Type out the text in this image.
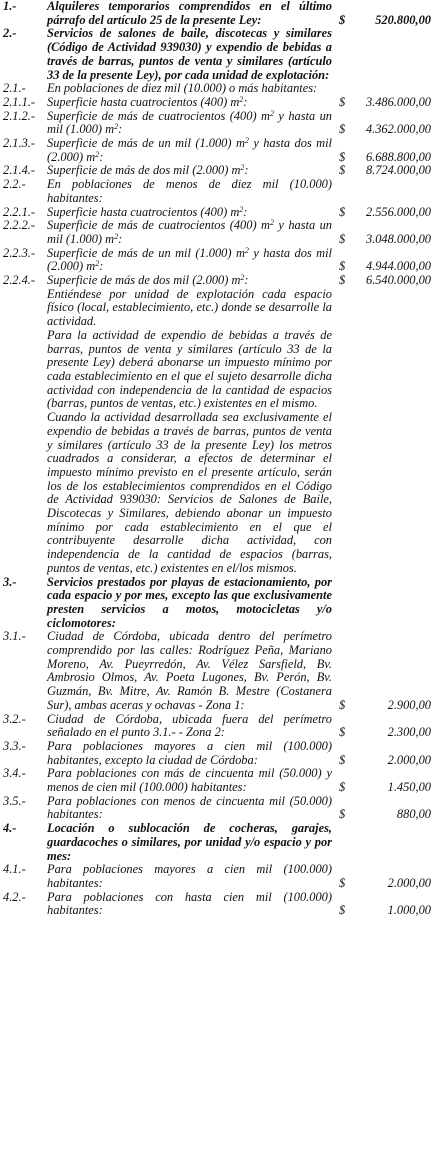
1.-	Alquileres temporarios comprendidos en el último párrafo del artículo 25 de la presente Ley:	$ 520.800,00
2.-	Servicios de salones de baile, discotecas y similares (Código de Actividad 939030) y expendio de bebidas a través de barras, puntos de venta y similares (artículo 33 de la presente Ley), por cada unidad de explotación:
2.1.-	En poblaciones de diez mil (10.000) o más habitantes:
2.1.1.- Superficie hasta cuatrocientos (400) $m^2$:	$ 3.486.000,00
2.1.2.- Superficie de más de cuatrocientos (400) $m^2$ y hasta un mil (1.000) $m^2$:	$ 4.362.000,00
2.1.3.- Superficie de más de un mil (1.000) $m^2$ y hasta dos mil (2.000) $m^2$:	$ 6.688.800,00
2.1.4.- Superficie de más de dos mil (2.000) $m^2$:	$ 8.724.000,00
2.2.-	En poblaciones de menos de diez mil (10.000) habitantes:
2.2.1.- Superficie hasta cuatrocientos (400) $m^2$:	$ 2.556.000,00
2.2.2.- Superficie de más de cuatrocientos (400) $m^2$ y hasta un mil (1.000) $m^2$:	$ 3.048.000,00
2.2.3.- Superficie de más de un mil (1.000) $m^2$ y hasta dos mil (2.000) $m^2$:	$ 4.944.000,00
2.2.4.- Superficie de más de dos mil (2.000) $m^2$:	$ 6.540.000,00
Entiéndese por unidad de explotación cada espacio físico (local, establecimiento, etc.) donde se desarrolle la actividad.
Para la actividad de expendio de bebidas a través de barras, puntos de venta y similares (artículo 33 de la presente Ley) deberá abonarse un impuesto mínimo por cada establecimiento en el que el sujeto desarrolle dicha actividad con independencia de la cantidad de espacios (barras, puntos de ventas, etc.) existentes en el mismo.
Cuando la actividad desarrollada sea exclusivamente el expendio de bebidas a través de barras, puntos de venta y similares (artículo 33 de la presente Ley) los metros cuadrados a considerar, a efectos de determinar el impuesto mínimo previsto en el presente artículo, serán los de los establecimientos comprendidos en el Código de Actividad 939030: Servicios de Salones de Baile, Discotecas y Similares, debiendo abonar un impuesto mínimo por cada establecimiento en el que el contribuyente desarrolle dicha actividad, con independencia de la cantidad de espacios (barras, puntos de ventas, etc.) existentes en el/los mismos.
3.-	Servicios prestados por playas de estacionamiento, por cada espacio y por mes, excepto las que exclusivamente presten servicios a motos, motocicletas y/o ciclomotores:
3.1.-	Ciudad de Córdoba, ubicada dentro del perímetro comprendido por las calles: Rodríguez Peña, Mariano Moreno, Av. Pueyrredón, Av. Vélez Sarsfield, Bv. Ambrosio Olmos, Av. Poeta Lugones, Bv. Perón, Bv. Guzmán, Bv. Mitre, Av. Ramón B. Mestre (Costanera Sur), ambas aceras y ochavas - Zona 1:	$	2.900,00
3.2.-	Ciudad de Córdoba, ubicada fuera del perímetro señalado en el punto 3.1.- - Zona 2:	$	2.300,00
3.3.-	Para poblaciones mayores a cien mil (100.000) habitantes, excepto la ciudad de Córdoba:	$	2.000,00
3.4.-	Para poblaciones con más de cincuenta mil (50.000) y menos de cien mil (100.000) habitantes:	$	1.450,00
3.5.-	Para poblaciones con menos de cincuenta mil (50.000) habitantes:	$	880,00
4.-	Locación o sublocación de cocheras, garajes, guardacoches o similares, por unidad y/o espacio y por mes:
4.1.-	Para poblaciones mayores a cien mil (100.000) habitantes:	$	2.000,00
4.2.-	Para poblaciones con hasta cien mil (100.000) habitantes:	$	1.000,00
